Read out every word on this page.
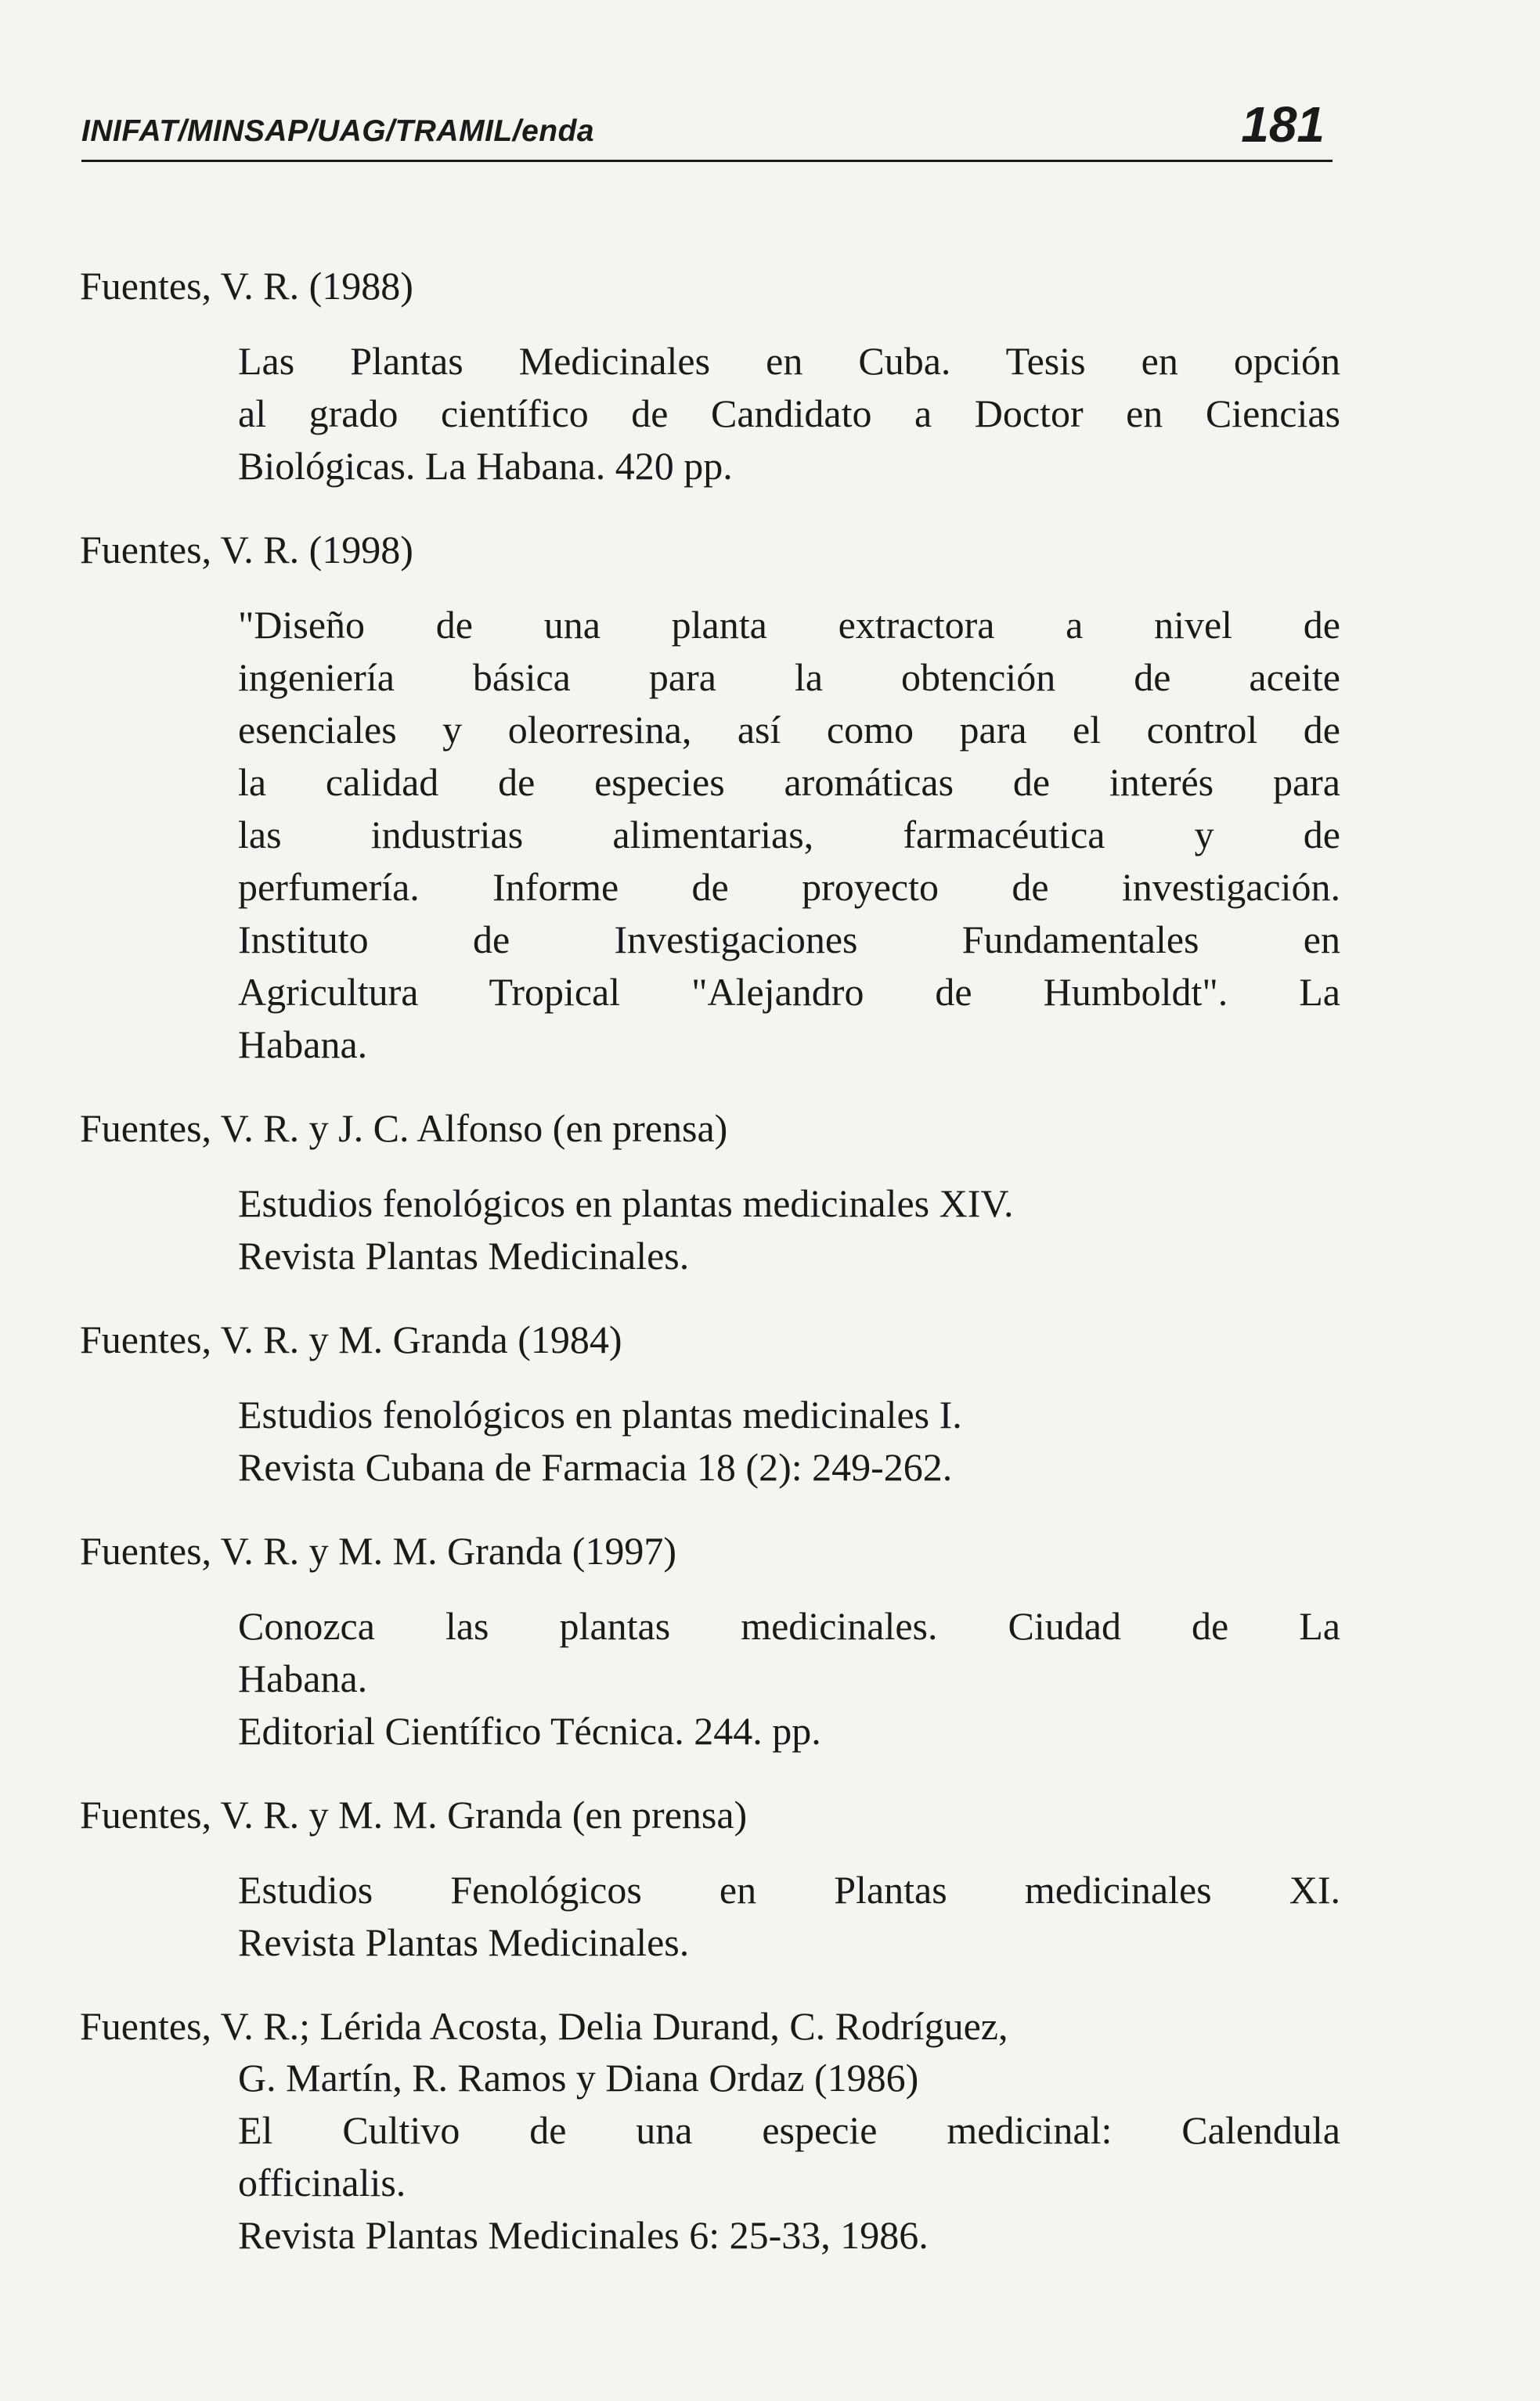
INIFAT/MINSAP/UAG/TRAMIL/enda	181
Fuentes, V. R. (1988)
Las Plantas Medicinales en Cuba. Tesis en opción
al grado científico de Candidato a Doctor en Ciencias
Biológicas. La Habana. 420 pp.
Fuentes, V. R. (1998)
"Diseño de una planta extractora a nivel de
ingeniería básica para la obtención de aceite
esenciales y oleorresina, así como para el control de
la calidad de especies aromáticas de interés para
las industrias alimentarias, farmacéutica y de
perfumería. Informe de proyecto de investigación.
Instituto de Investigaciones Fundamentales en
Agricultura Tropical "Alejandro de Humboldt". La
Habana.
Fuentes, V. R. y J. C. Alfonso (en prensa)
Estudios fenológicos en plantas medicinales XIV.
Revista Plantas Medicinales.
Fuentes, V. R. y M. Granda (1984)
Estudios fenológicos en plantas medicinales I.
Revista Cubana de Farmacia 18 (2): 249-262.
Fuentes, V. R. y M. M. Granda (1997)
Conozca las plantas medicinales. Ciudad de La
Habana.
Editorial Científico Técnica. 244. pp.
Fuentes, V. R. y M. M. Granda (en prensa)
Estudios Fenológicos en Plantas medicinales XI.
Revista Plantas Medicinales.
Fuentes, V. R.; Lérida Acosta, Delia Durand, C. Rodríguez,
G. Martín, R. Ramos y Diana Ordaz (1986)
El Cultivo de una especie medicinal: Calendula
officinalis.
Revista Plantas Medicinales 6: 25-33, 1986.
